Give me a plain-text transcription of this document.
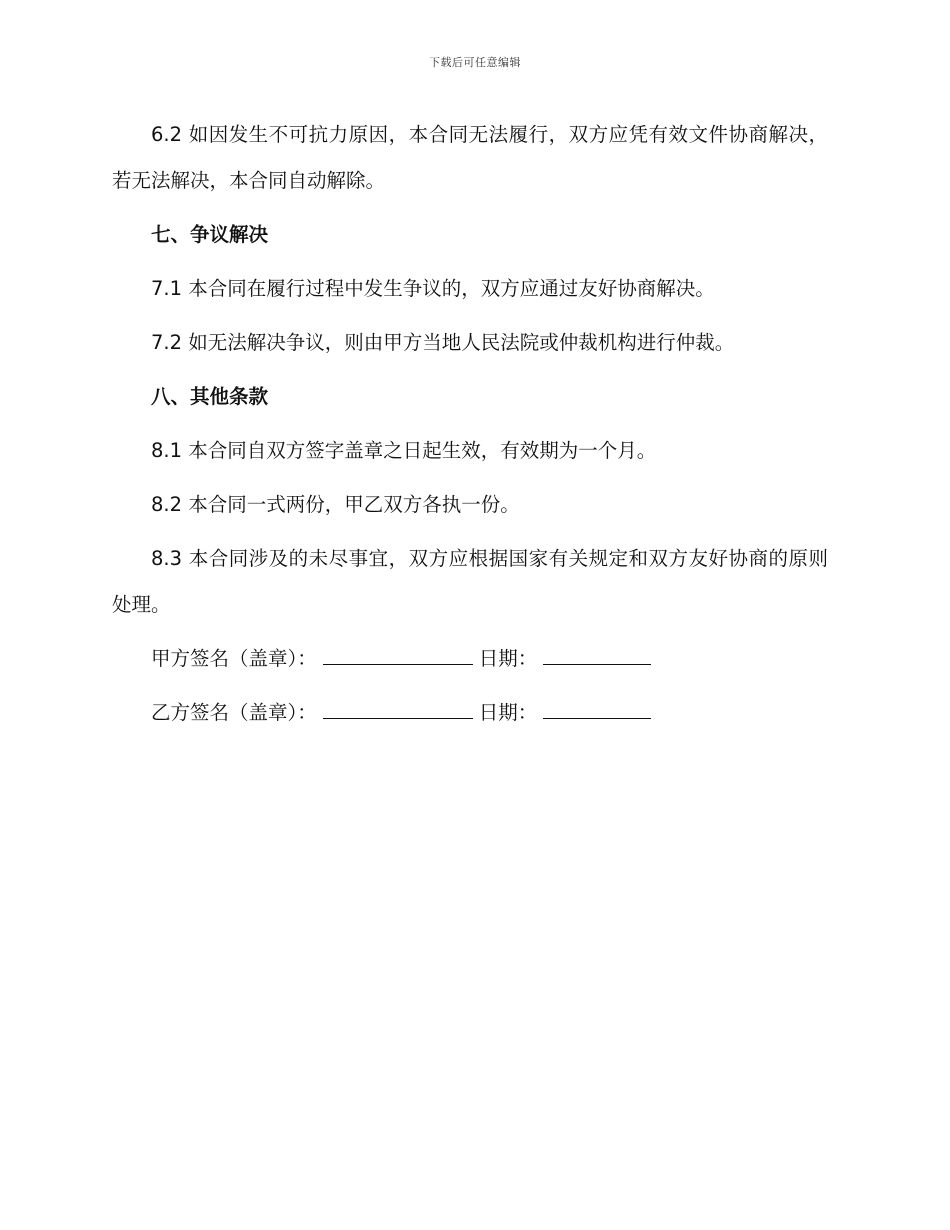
下载后可任意编辑

6.2 如因发生不可抗力原因，本合同无法履行，双方应凭有效文件协商解决，若无法解决，本合同自动解除。

七、争议解决

7.1 本合同在履行过程中发生争议的，双方应通过友好协商解决。

7.2 如无法解决争议，则由甲方当地人民法院或仲裁机构进行仲裁。

八、其他条款

8.1 本合同自双方签字盖章之日起生效，有效期为一个月。

8.2 本合同一式两份，甲乙双方各执一份。

8.3 本合同涉及的未尽事宜，双方应根据国家有关规定和双方友好协商的原则处理。

甲方签名（盖章）：	日期：
乙方签名（盖章）：	日期：
